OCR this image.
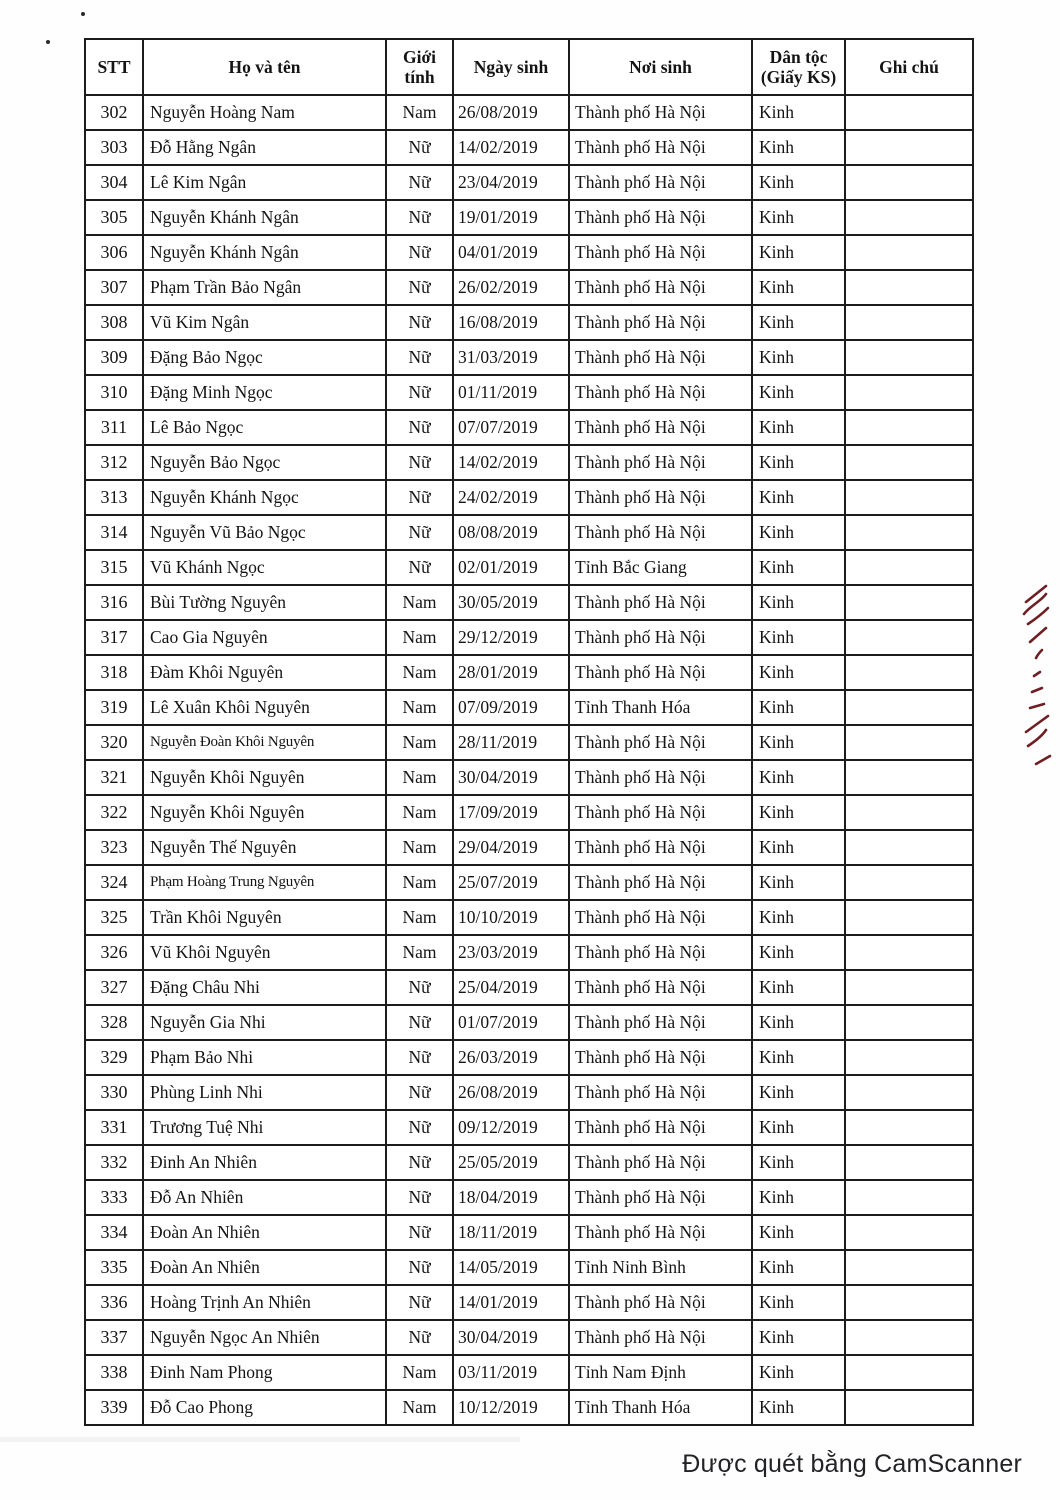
STT	Họ và tên	Giới tính	Ngày sinh	Nơi sinh	Dân tộc (Giấy KS)	Ghi chú
302	Nguyễn Hoàng Nam	Nam	26/08/2019	Thành phố Hà Nội	Kinh	
303	Đỗ Hằng Ngân	Nữ	14/02/2019	Thành phố Hà Nội	Kinh	
304	Lê Kim Ngân	Nữ	23/04/2019	Thành phố Hà Nội	Kinh	
305	Nguyễn Khánh Ngân	Nữ	19/01/2019	Thành phố Hà Nội	Kinh	
306	Nguyễn Khánh Ngân	Nữ	04/01/2019	Thành phố Hà Nội	Kinh	
307	Phạm Trần Bảo Ngân	Nữ	26/02/2019	Thành phố Hà Nội	Kinh	
308	Vũ Kim Ngân	Nữ	16/08/2019	Thành phố Hà Nội	Kinh	
309	Đặng Bảo Ngọc	Nữ	31/03/2019	Thành phố Hà Nội	Kinh	
310	Đặng Minh Ngọc	Nữ	01/11/2019	Thành phố Hà Nội	Kinh	
311	Lê Bảo Ngọc	Nữ	07/07/2019	Thành phố Hà Nội	Kinh	
312	Nguyễn Bảo Ngọc	Nữ	14/02/2019	Thành phố Hà Nội	Kinh	
313	Nguyễn Khánh Ngọc	Nữ	24/02/2019	Thành phố Hà Nội	Kinh	
314	Nguyễn Vũ Bảo Ngọc	Nữ	08/08/2019	Thành phố Hà Nội	Kinh	
315	Vũ Khánh Ngọc	Nữ	02/01/2019	Tỉnh Bắc Giang	Kinh	
316	Bùi Tường Nguyên	Nam	30/05/2019	Thành phố Hà Nội	Kinh	
317	Cao Gia Nguyên	Nam	29/12/2019	Thành phố Hà Nội	Kinh	
318	Đàm Khôi Nguyên	Nam	28/01/2019	Thành phố Hà Nội	Kinh	
319	Lê Xuân Khôi Nguyên	Nam	07/09/2019	Tỉnh Thanh Hóa	Kinh	
320	Nguyễn Đoàn Khôi Nguyên	Nam	28/11/2019	Thành phố Hà Nội	Kinh	
321	Nguyễn Khôi Nguyên	Nam	30/04/2019	Thành phố Hà Nội	Kinh	
322	Nguyễn Khôi Nguyên	Nam	17/09/2019	Thành phố Hà Nội	Kinh	
323	Nguyễn Thế Nguyên	Nam	29/04/2019	Thành phố Hà Nội	Kinh	
324	Phạm Hoàng Trung Nguyên	Nam	25/07/2019	Thành phố Hà Nội	Kinh	
325	Trần Khôi Nguyên	Nam	10/10/2019	Thành phố Hà Nội	Kinh	
326	Vũ Khôi Nguyên	Nam	23/03/2019	Thành phố Hà Nội	Kinh	
327	Đặng Châu Nhi	Nữ	25/04/2019	Thành phố Hà Nội	Kinh	
328	Nguyễn Gia Nhi	Nữ	01/07/2019	Thành phố Hà Nội	Kinh	
329	Phạm Bảo Nhi	Nữ	26/03/2019	Thành phố Hà Nội	Kinh	
330	Phùng Linh Nhi	Nữ	26/08/2019	Thành phố Hà Nội	Kinh	
331	Trương Tuệ Nhi	Nữ	09/12/2019	Thành phố Hà Nội	Kinh	
332	Đinh An Nhiên	Nữ	25/05/2019	Thành phố Hà Nội	Kinh	
333	Đỗ An Nhiên	Nữ	18/04/2019	Thành phố Hà Nội	Kinh	
334	Đoàn An Nhiên	Nữ	18/11/2019	Thành phố Hà Nội	Kinh	
335	Đoàn An Nhiên	Nữ	14/05/2019	Tỉnh Ninh Bình	Kinh	
336	Hoàng Trịnh An Nhiên	Nữ	14/01/2019	Thành phố Hà Nội	Kinh	
337	Nguyễn Ngọc An Nhiên	Nữ	30/04/2019	Thành phố Hà Nội	Kinh	
338	Đinh Nam Phong	Nam	03/11/2019	Tỉnh Nam Định	Kinh	
339	Đỗ Cao Phong	Nam	10/12/2019	Tỉnh Thanh Hóa	Kinh	
Được quét bằng CamScanner
